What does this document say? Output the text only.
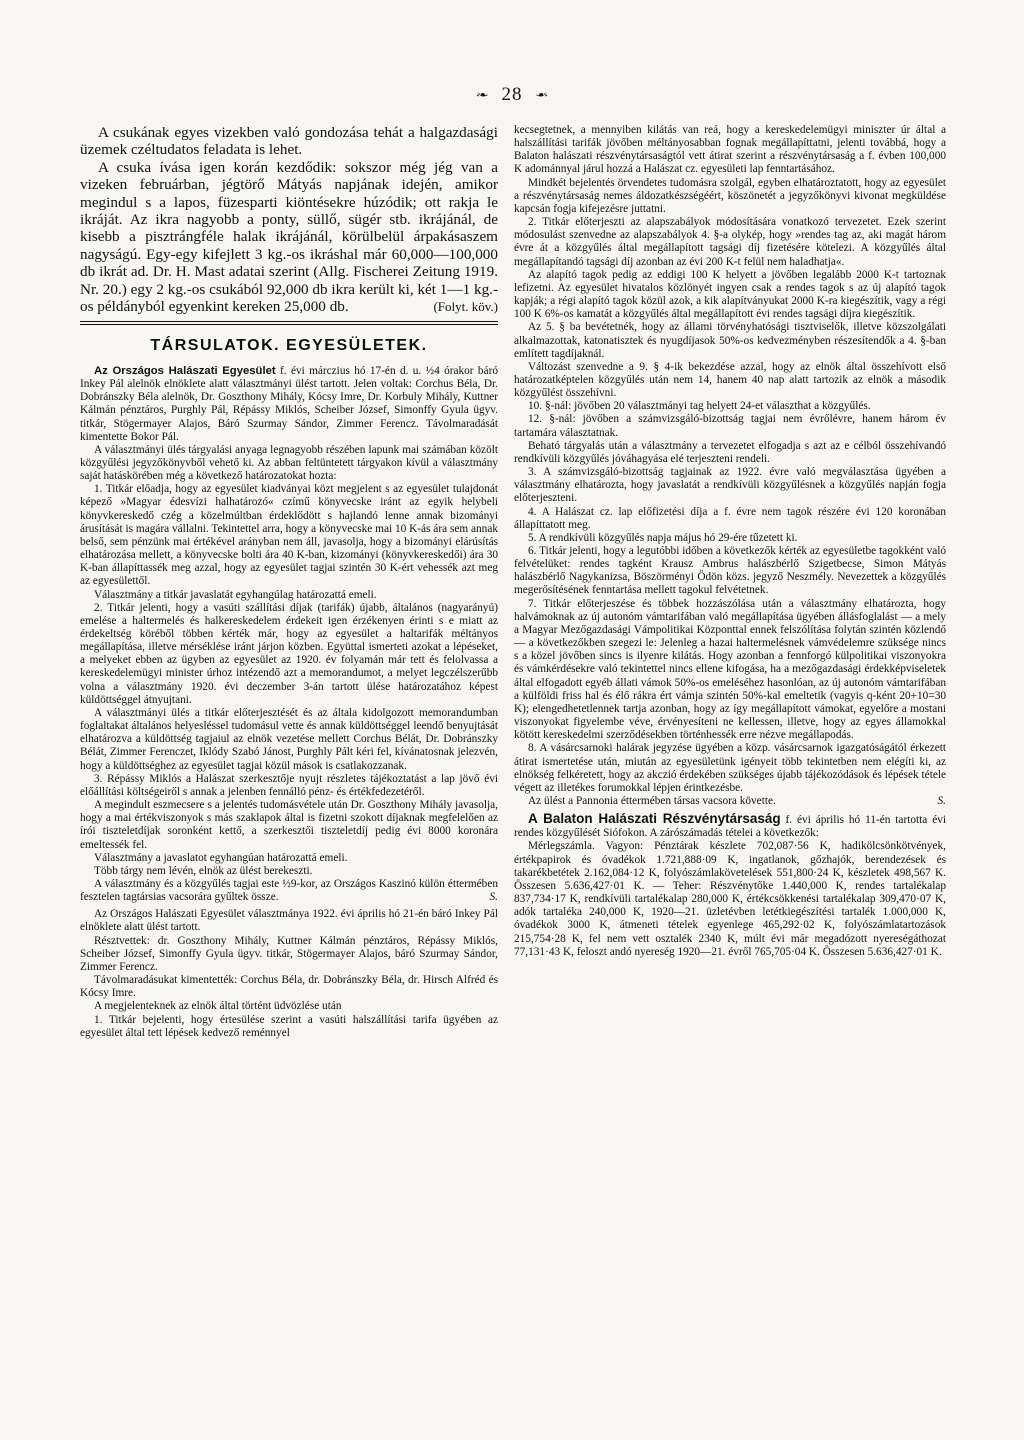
❧ 28 ❧

A csukának egyes vizekben való gondozása tehát a halgazdasági üzemek czéltudatos feladata is lehet.

A csuka ívása igen korán kezdődik: sokszor még jég van a vizeken februárban, jégtörő Mátyás napjának idején, amikor megindul s a lapos, füzesparti kiöntésekre húzódik; ott rakja le ikráját. Az ikra nagyobb a ponty, süllő, sügér stb. ikrájánál, de kisebb a pisztrángféle halak ikrájánál, körülbelül árpakásaszem nagyságú. Egy-egy kifejlett 3 kg.-os ikráshal már 60,000—100,000 db ikrát ad. Dr. H. Mast adatai szerint (Allg. Fischerei Zeitung 1919. Nr. 20.) egy 2 kg.-os csukából 92,000 db ikra került ki, két 1—1 kg.-os példányból egyenkint kereken 25,000 db.	(Folyt. köv.)

TÁRSULATOK. EGYESÜLETEK.

Az Országos Halászati Egyesület f. évi márczius hó 17-én d. u. ½4 órakor báró Inkey Pál alelnök elnöklete alatt választmányi ülést tartott. Jelen voltak: Corchus Béla, Dr. Dobránszky Béla alelnök, Dr. Goszthony Mihály, Kócsy Imre, Dr. Korbuly Mihály, Kuttner Kálmán pénztáros, Purghly Pál, Répássy Miklós, Scheiber József, Simonffy Gyula ügyv. titkár, Stögermayer Alajos, Báró Szurmay Sándor, Zimmer Ferencz. Távolmaradását kimentette Bokor Pál.

A választmányi ülés tárgyalási anyaga legnagyobb részében lapunk mai számában közölt közgyűlési jegyzőkönyvből vehető ki. Az abban feltüntetett tárgyakon kívül a választmány saját hatáskörében még a következő határozatokat hozta:

1. Titkár előadja, hogy az egyesület kiadványai közt megjelent s az egyesület tulajdonát képező »Magyar édesvízi halhatározó« czímű könyvecske iránt az egyik helybeli könyvkereskedő czég a közelmúltban érdeklődött s hajlandó lenne annak bizományi árusítását is magára vállalni. Tekintettel arra, hogy a könyvecske mai 10 K-ás ára sem annak belső, sem pénzünk mai értékével arányban nem áll, javasolja, hogy a bizományi elárúsítás elhatározása mellett, a könyvecske bolti ára 40 K-ban, kizományi (könyvkereskedői) ára 30 K-ban állapíttassék meg azzal, hogy az egyesület tagjai szintén 30 K-ért vehessék azt meg az egyesülettől.

Választmány a titkár javaslatát egyhangúlag határozattá emeli.

2. Titkár jelenti, hogy a vasúti szállítási díjak (tarifák) újabb, általános (nagyarányú) emelése a haltermelés és halkereskedelem érdekeit igen érzékenyen érinti s e miatt az érdekeltség köréből többen kérték már, hogy az egyesület a haltarifák méltányos megállapítása, illetve mérséklése iránt járjon közben. Együttal ismerteti azokat a lépéseket, a melyeket ebben az ügyben az egyesület az 1920. év folyamán már tett és felolvassa a kereskedelemügyi minister úrhoz intézendő azt a memorandumot, a melyet legczélszerűbb volna a választmány 1920. évi deczember 3-án tartott ülése határozatához képest küldöttséggel átnyujtani.

A választmányi ülés a titkár előterjesztését és az általa kidolgozott memorandumban foglaltakat általános helyesléssel tudomásul vette és annak küldöttséggel leendő benyujtását elhatározva a küldöttség tagjaiul az elnök vezetése mellett Corchus Bélát, Dr. Dobránszky Bélát, Zimmer Ferenczet, Iklódy Szabó Jánost, Purghly Pált kéri fel, kívánatosnak jelezvén, hogy a küldöttséghez az egyesület tagjai közül mások is csatlakozzanak.

3. Répássy Miklós a Halászat szerkesztője nyujt részletes tájékoztatást a lap jövő évi előállítási költségeiről s annak a jelenben fennálló pénz- és értékfedezetéről.

A megindult eszmecsere s a jelentés tudomásvétele után Dr. Goszthony Mihály javasolja, hogy a mai értékviszonyok s más szaklapok által is fizetni szokott díjaknak megfelelően az írói tiszteletdíjak soronként kettő, a szerkesztői tiszteletdíj pedig évi 8000 koronára emeltessék fel.

Választmány a javaslatot egyhangúan határozattá emeli.

Több tárgy nem lévén, elnök az ülést berekeszti.

A választmány és a közgyűlés tagjai este ½9-kor, az Országos Kaszinó külön éttermében fesztelen tagtársias vacsorára gyűltek össze.	S.

Az Országos Halászati Egyesület választmánya 1922. évi április hó 21-én báró Inkey Pál elnöklete alatt ülést tartott.

Résztvettek: dr. Goszthony Mihály, Kuttner Kálmán pénztáros, Répássy Miklós, Scheiber József, Simonffy Gyula ügyv. titkár, Stögermayer Alajos, báró Szurmay Sándor, Zimmer Ferencz.

Távolmaradásukat kimentették: Corchus Béla, dr. Dobránszky Béla, dr. Hirsch Alfréd és Kócsy Imre.

A megjelenteknek az elnök által történt üdvözlése után

1. Titkár bejelenti, hogy értesülése szerint a vasúti halszállítási tarifa ügyében az egyesület által tett lépések kedvező reménnyel

kecsegtetnek, a mennyiben kilátás van reá, hogy a kereskedelemügyi miniszter úr által a halszállítási tarifák jövőben méltányosabban fognak megállapíttatni, jelenti továbbá, hogy a Balaton halászati részvénytársaságtól vett átirat szerint a részvénytársaság a f. évben 100,000 K adománnyal járul hozzá a Halászat cz. egyesületi lap fenntartásához.

Mindkét bejelentés örvendetes tudomásra szolgál, egyben elhatároztatott, hogy az egyesület a részvénytársaság nemes áldozatkészségéért, köszönetét a jegyzőkönyvi kivonat megküldése kapcsán fogja kifejezésre juttatni.

2. Titkár előterjeszti az alapszabályok módosítására vonatkozó tervezetet. Ezek szerint módosulást szenvedne az alapszabályok 4. §-a olykép, hogy »rendes tag az, aki magát három évre át a közgyűlés által megállapított tagsági díj fizetésére kötelezi. A közgyűlés által megállapítandó tagsági díj azonban az évi 200 K-t felül nem haladhatja«.

Az alapító tagok pedig az eddigi 100 K helyett a jövőben legalább 2000 K-t tartoznak lefizetni. Az egyesület hivatalos közlönyét ingyen csak a rendes tagok s az új alapító tagok kapják; a régi alapító tagok közül azok, a kik alapítványukat 2000 K-ra kiegészítik, vagy a régi 100 K 6%-os kamatát a közgyűlés által megállapított évi rendes tagsági díjra kiegészítik.

Az 5. § ba bevétetnék, hogy az állami törvényhatósági tisztviselők, illetve közszolgálati alkalmazottak, katonatisztek és nyugdíjasok 50%-os kedvezményben részesítendők a 4. §-ban említett tagdíjaknál.

Változást szenvedne a 9. § 4-ik bekezdése azzal, hogy az elnök által összehívott első határozatképtelen közgyűlés után nem 14, hanem 40 nap alatt tartozik az elnök a második közgyűlést összehívni.

10. §-nál: jövőben 20 választmányi tag helyett 24-et választhat a közgyűlés.

12. §-nál: jövőben a számvizsgáló-bizottság tagjai nem évrőlévre, hanem három év tartamára választatnak.

Beható tárgyalás után a választmány a tervezetet elfogadja s azt az e célból összehívandó rendkívüli közgyűlés jóváhagyása elé terjeszteni rendeli.

3. A számvizsgáló-bizottság tagjainak az 1922. évre való megválasztása ügyében a választmány elhatározta, hogy javaslatát a rendkívüli közgyűlésnek a közgyűlés napján fogja előterjeszteni.

4. A Halászat cz. lap előfizetési díja a f. évre nem tagok részére évi 120 koronában állapíttatott meg.

5. A rendkívüli közgyűlés napja május hó 29-ére tűzetett ki.

6. Titkár jelenti, hogy a legutóbbi időben a következők kérték az egyesületbe tagokként való felvételüket: rendes tagként Krausz Ambrus halászbérlő Szigetbecse, Simon Mátyás halászbérlő Nagykanizsa, Böszörményi Ödön közs. jegyző Neszmély. Nevezettek a közgyűlés megerősítésének fenntartása mellett tagokul felvétetnek.

7. Titkár előterjeszése és többek hozzászólása után a választmány elhatározta, hogy halvámoknak az új autonóm vámtarifában való megállapítása ügyében állásfoglalást — a mely a Magyar Mezőgazdasági Vámpolitikai Központtal ennek felszólítása folytán szintén közlendő — a következőkben szegezi le: Jelenleg a hazai haltermelésnek vámvédelemre szüksége nincs s a közel jövőben sincs is ilyenre kilátás. Hogy azonban a fennforgó külpolitikai viszonyokra és vámkérdésekre való tekintettel nincs ellene kifogása, ha a mezőgazdasági érdekképviseletek által elfogadott egyéb állati vámok 50%-os emeléséhez hasonlóan, az új autonóm vámtarifában a külföldi friss hal és élő rákra ért vámja szintén 50%-kal emeltetik (vagyis q-ként 20+10=30 K); elengedhetetlennek tartja azonban, hogy az így megállapított vámokat, egyelőre a mostani viszonyokat figyelembe véve, érvényesíteni ne kellessen, illetve, hogy az egyes államokkal kötött kereskedelmi szerződésekben történhessék erre nézve megállapodás.

8. A vásárcsarnoki halárak jegyzése ügyében a közp. vásárcsarnok igazgatóságától érkezett átirat ismertetése után, miután az egyesületünk igényeit több tekintetben nem elégíti ki, az elnökség felkéretett, hogy az akczió érdekében szükséges újabb tájékozódások és lépések tétele végett az illetékes forumokkal lépjen érintkezésbe.

Az ülést a Pannonia éttermében társas vacsora követte.	S.

A Balaton Halászati Részvénytársaság f. évi április hó 11-én tartotta évi rendes közgyűlését Siófokon. A zárószámadás tételei a következők:

Mérlegszámla. Vagyon: Pénztárak készlete 702,087·56 K, hadikölcsönkötvények, értékpapirok és óvadékok 1.721,888·09 K, ingatlanok, gőzhajók, berendezések és takarékbetétek 2.162,084·12 K, folyószámlakövetelések 551,800·24 K, készletek 498,567 K. Összesen 5.636,427·01 K. — Teher: Részvénytőke 1.440,000 K, rendes tartalékalap 837,734·17 K, rendkívüli tartalékalap 280,000 K, értékcsökkenési tartalékalap 309,470·07 K, adók tartaléka 240,000 K, 1920—21. üzletévben letétkiegészítési tartalék 1.000,000 K, óvadékok 3000 K, átmeneti tételek egyenlege 465,292·02 K, folyószámlatartozások 215,754·28 K, fel nem vett osztalék 2340 K, múlt évi már megadózott nyereségáthozat 77,131·43 K, feloszt andó nyereség 1920—21. évről 765,705·04 K. Összesen 5.636,427·01 K.
